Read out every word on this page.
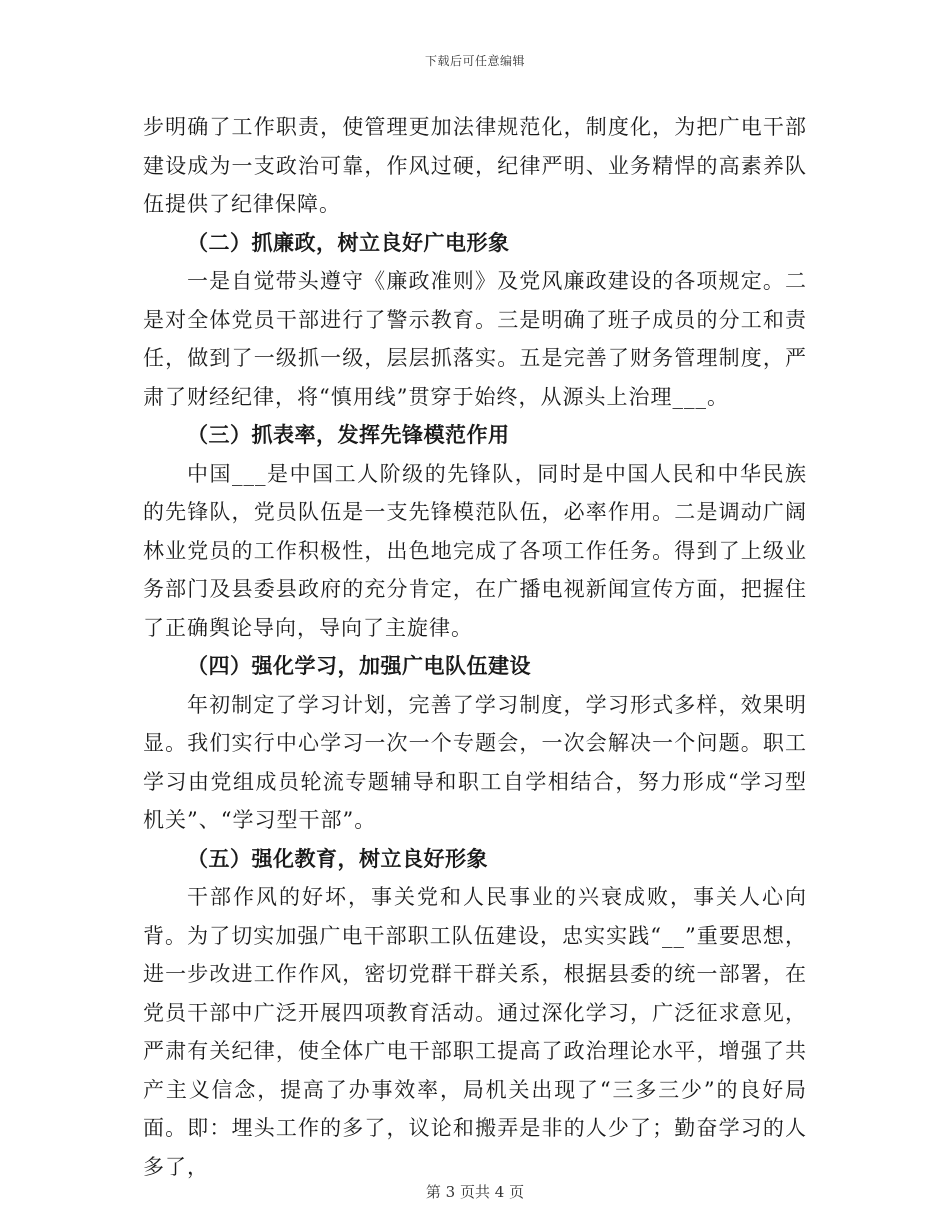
下载后可任意编辑

步明确了工作职责，使管理更加法律规范化，制度化，为把广电干部建设成为一支政治可靠，作风过硬，纪律严明、业务精悍的高素养队伍提供了纪律保障。

（二）抓廉政，树立良好广电形象

一是自觉带头遵守《廉政准则》及党风廉政建设的各项规定。二是对全体党员干部进行了警示教育。三是明确了班子成员的分工和责任，做到了一级抓一级，层层抓落实。五是完善了财务管理制度，严肃了财经纪律，将“慎用线”贯穿于始终，从源头上治理___。

（三）抓表率，发挥先锋模范作用

中国___是中国工人阶级的先锋队，同时是中国人民和中华民族的先锋队，党员队伍是一支先锋模范队伍，必率作用。二是调动广阔林业党员的工作积极性，出色地完成了各项工作任务。得到了上级业务部门及县委县政府的充分肯定，在广播电视新闻宣传方面，把握住了正确舆论导向，导向了主旋律。

（四）强化学习，加强广电队伍建设

年初制定了学习计划，完善了学习制度，学习形式多样，效果明显。我们实行中心学习一次一个专题会，一次会解决一个问题。职工学习由党组成员轮流专题辅导和职工自学相结合，努力形成“学习型机关”、“学习型干部”。

（五）强化教育，树立良好形象

干部作风的好坏，事关党和人民事业的兴衰成败，事关人心向背。为了切实加强广电干部职工队伍建设，忠实实践“__”重要思想，进一步改进工作作风，密切党群干群关系，根据县委的统一部署，在党员干部中广泛开展四项教育活动。通过深化学习，广泛征求意见，严肃有关纪律，使全体广电干部职工提高了政治理论水平，增强了共产主义信念，提高了办事效率，局机关出现了“三多三少”的良好局面。即：埋头工作的多了，议论和搬弄是非的人少了；勤奋学习的人多了，

第 3 页共 4 页
